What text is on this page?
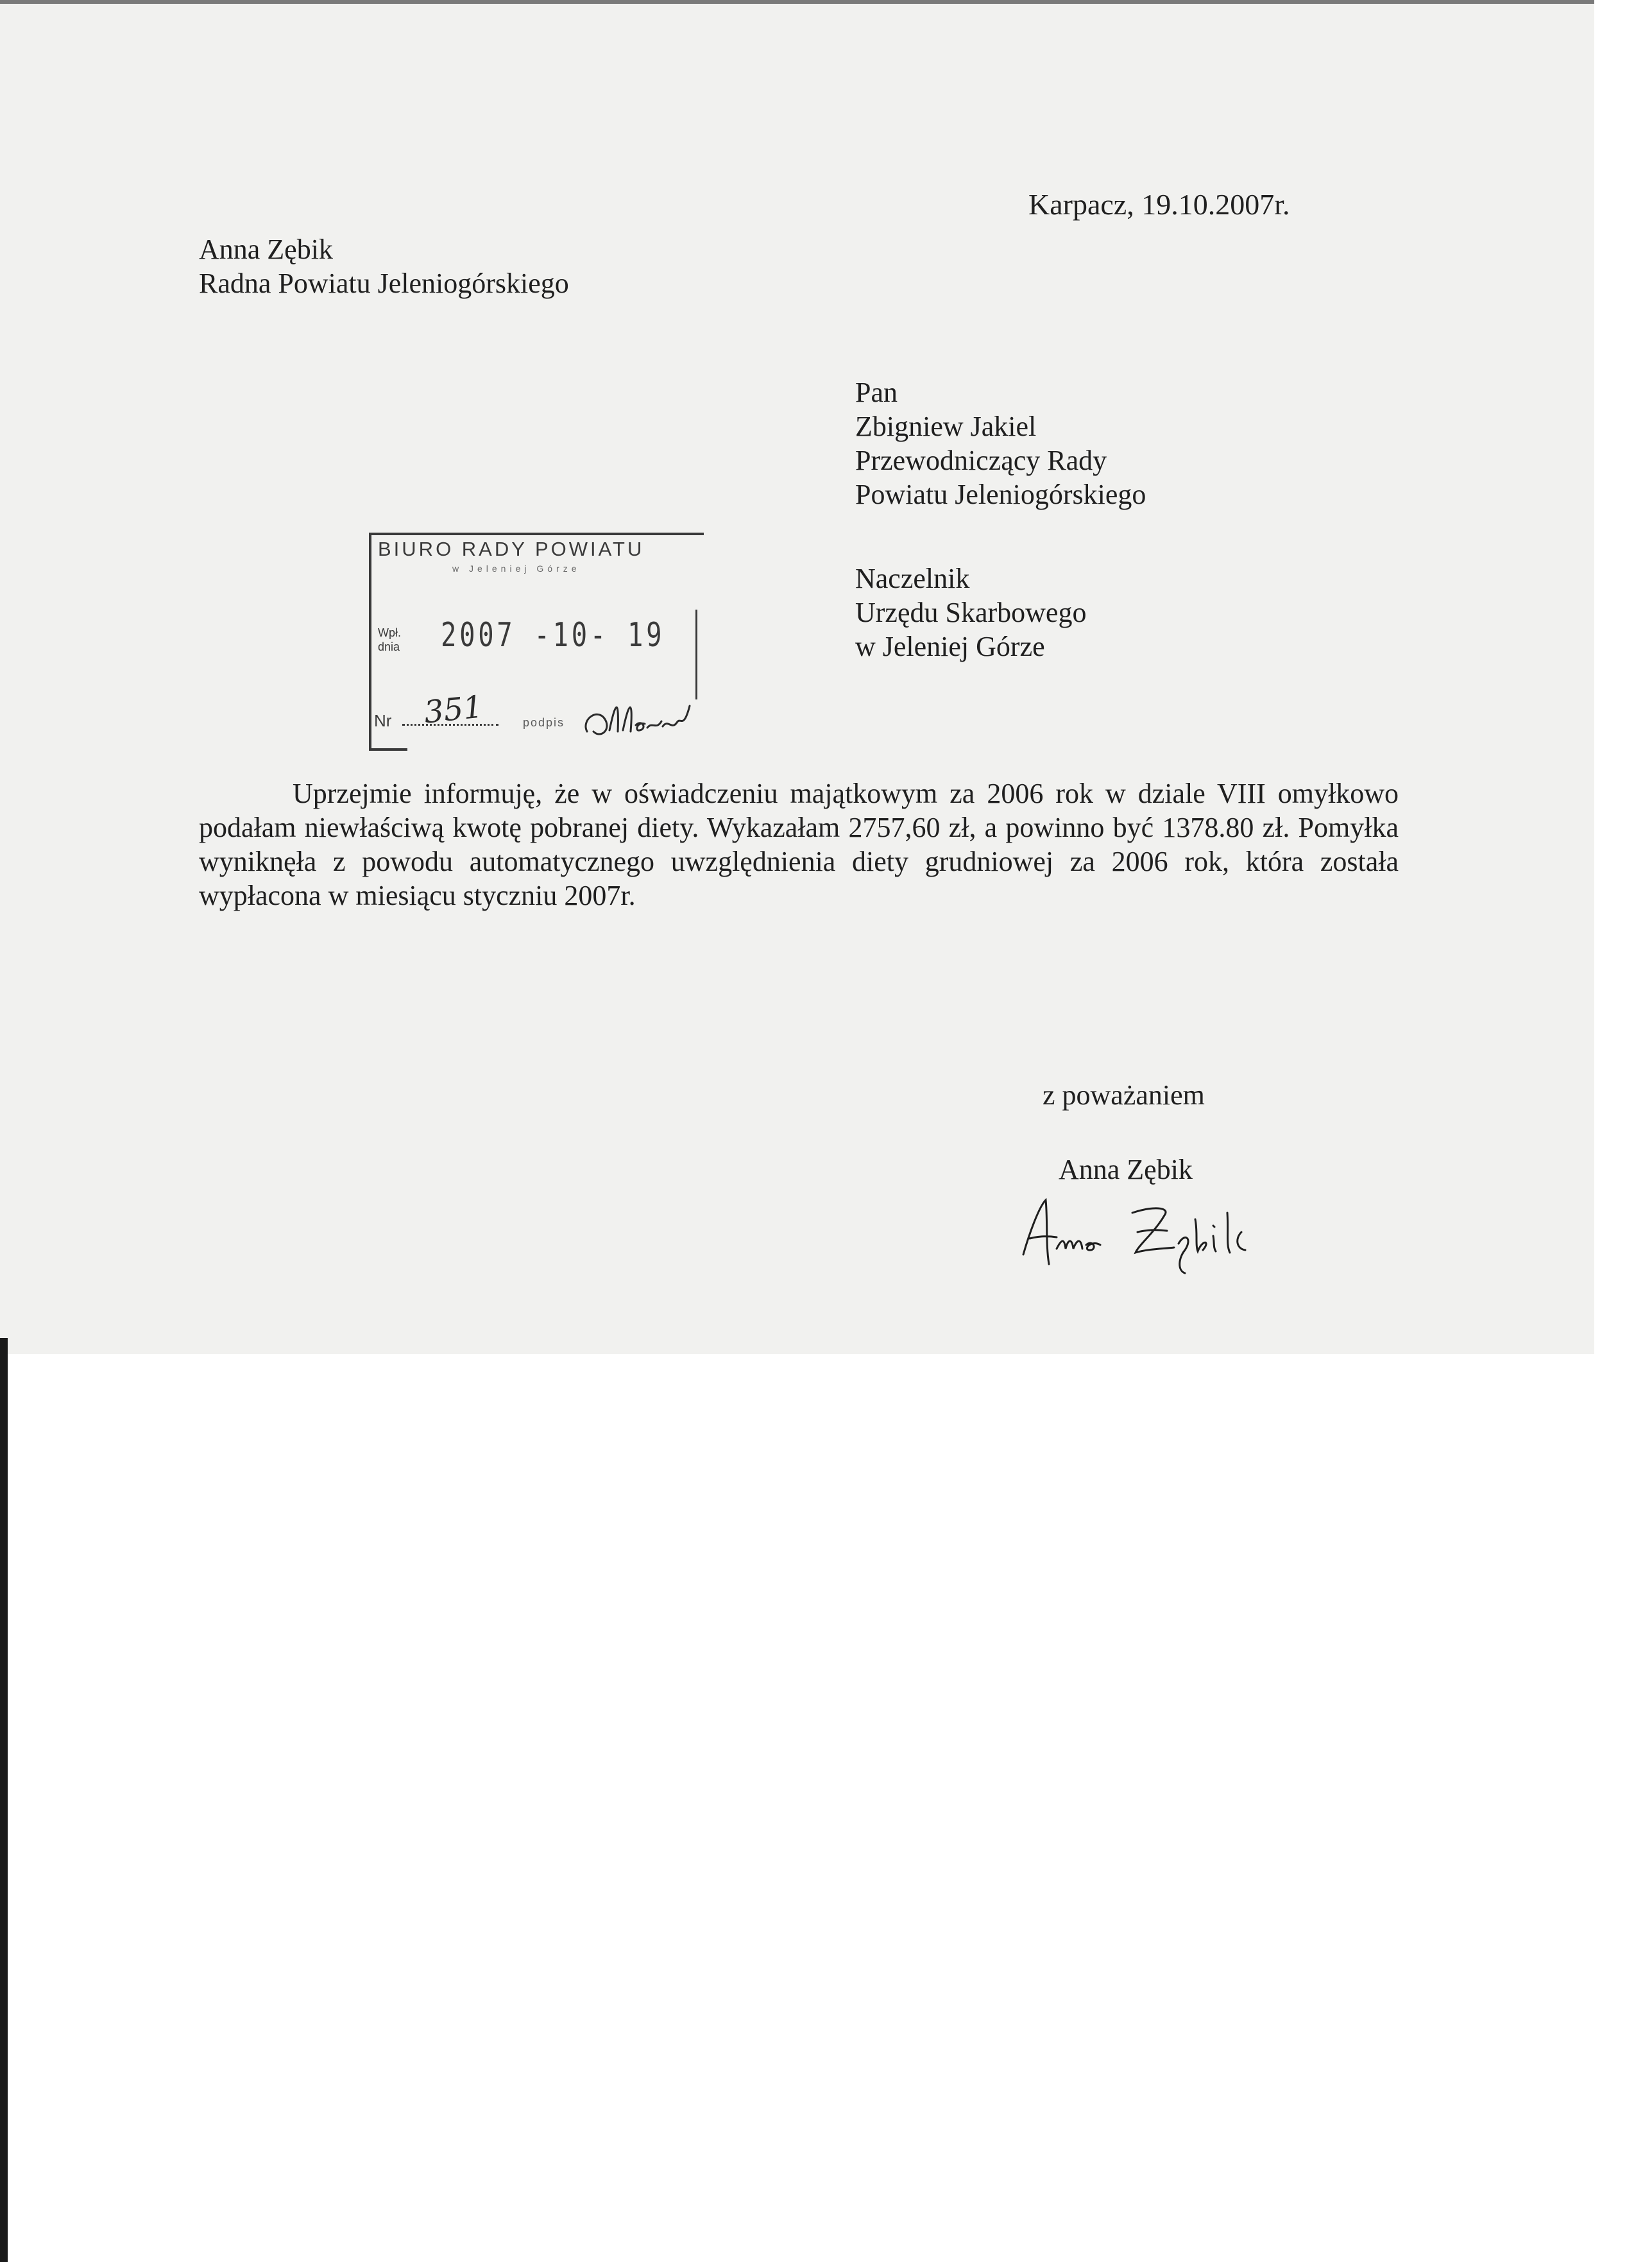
Karpacz, 19.10.2007r.
Anna Zębik
Radna Powiatu Jeleniogórskiego
Pan
Zbigniew Jakiel
Przewodniczący Rady
Powiatu Jeleniogórskiego
Naczelnik
Urzędu Skarbowego
w Jeleniej Górze
BIURO RADY POWIATU
w Jeleniej Górze
Wpł. dnia	2007 -10- 19
Nr 351	podpis

Uprzejmie informuję, że w oświadczeniu majątkowym za 2006 rok w dziale VIII omyłkowo podałam niewłaściwą kwotę pobranej diety. Wykazałam 2757,60 zł, a powinno być 1378.80 zł. Pomyłka wyniknęła z powodu automatycznego uwzględnienia diety grudniowej za 2006 rok, która została wypłacona w miesiącu styczniu 2007r.

z poważaniem
Anna Zębik
